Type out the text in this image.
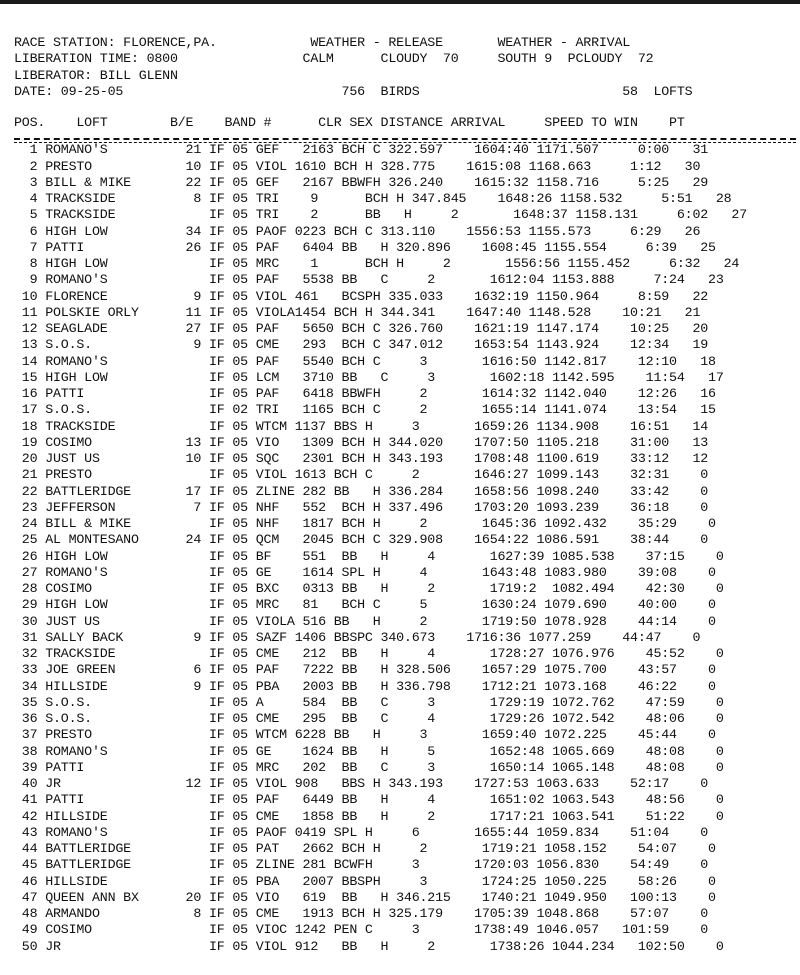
RACE STATION: FLORENCE,PA.            WEATHER - RELEASE       WEATHER - ARRIVAL
LIBERATION TIME: 0800                CALM      CLOUDY  70     SOUTH 9  PCLOUDY  72
LIBERATOR: BILL GLENN
DATE: 09-25-05                            756  BIRDS                          58  LOFTS
POS.    LOFT        B/E    BAND #      CLR SEX DISTANCE ARRIVAL     SPEED TO WIN    PT
1 ROMANO'S          21 IF 05 GEF   2163 BCH C 322.597    1604:40 1171.507     0:00   31
2 PRESTO            10 IF 05 VIOL 1610 BCH H 328.775    1615:08 1168.663     1:12   30
3 BILL & MIKE       22 IF 05 GEF   2167 BBWFH 326.240    1615:32 1158.716     5:25   29
4 TRACKSIDE          8 IF 05 TRI    9      BCH H 347.845    1648:26 1158.532     5:51   28
5 TRACKSIDE            IF 05 TRI    2      BB   H     2       1648:37 1158.131     6:02   27
6 HIGH LOW          34 IF 05 PAOF 0223 BCH C 313.110    1556:53 1155.573     6:29   26
7 PATTI             26 IF 05 PAF   6404 BB   H 320.896    1608:45 1155.554     6:39   25
8 HIGH LOW             IF 05 MRC    1      BCH H     2       1556:56 1155.452     6:32   24
9 ROMANO'S             IF 05 PAF   5538 BB   C     2       1612:04 1153.888     7:24   23
10 FLORENCE           9 IF 05 VIOL 461   BCSPH 335.033    1632:19 1150.964     8:59   22
11 POLSKIE ORLY      11 IF 05 VIOLA1454 BCH H 344.341    1647:40 1148.528    10:21   21
12 SEAGLADE          27 IF 05 PAF   5650 BCH C 326.760    1621:19 1147.174    10:25   20
13 S.O.S.             9 IF 05 CME   293  BCH C 347.012    1653:54 1143.924    12:34   19
14 ROMANO'S             IF 05 PAF   5540 BCH C     3       1616:50 1142.817    12:10   18
15 HIGH LOW             IF 05 LCM   3710 BB   C     3       1602:18 1142.595    11:54   17
16 PATTI                IF 05 PAF   6418 BBWFH     2       1614:32 1142.040    12:26   16
17 S.O.S.               IF 02 TRI   1165 BCH C     2       1655:14 1141.074    13:54   15
18 TRACKSIDE            IF 05 WTCM 1137 BBS H     3       1659:26 1134.908    16:51   14
19 COSIMO            13 IF 05 VIO   1309 BCH H 344.020    1707:50 1105.218    31:00   13
20 JUST US           10 IF 05 SQC   2301 BCH H 343.193    1708:48 1100.619    33:12   12
21 PRESTO               IF 05 VIOL 1613 BCH C     2       1646:27 1099.143    32:31    0
22 BATTLERIDGE       17 IF 05 ZLINE 282 BB   H 336.284    1658:56 1098.240    33:42    0
23 JEFFERSON          7 IF 05 NHF   552  BCH H 337.496    1703:20 1093.239    36:18    0
24 BILL & MIKE          IF 05 NHF   1817 BCH H     2       1645:36 1092.432    35:29    0
25 AL MONTESANO      24 IF 05 QCM   2045 BCH C 329.908    1654:22 1086.591    38:44    0
26 HIGH LOW             IF 05 BF    551  BB   H     4       1627:39 1085.538    37:15    0
27 ROMANO'S             IF 05 GE    1614 SPL H     4       1643:48 1083.980    39:08    0
28 COSIMO               IF 05 BXC   0313 BB   H     2       1719:2  1082.494    42:30    0
29 HIGH LOW             IF 05 MRC   81   BCH C     5       1630:24 1079.690    40:00    0
30 JUST US              IF 05 VIOLA 516 BB   H     2       1719:50 1078.928    44:14    0
31 SALLY BACK         9 IF 05 SAZF 1406 BBSPC 340.673    1716:36 1077.259    44:47    0
32 TRACKSIDE            IF 05 CME   212  BB   H     4       1728:27 1076.976    45:52    0
33 JOE GREEN          6 IF 05 PAF   7222 BB   H 328.506    1657:29 1075.700    43:57    0
34 HILLSIDE           9 IF 05 PBA   2003 BB   H 336.798    1712:21 1073.168    46:22    0
35 S.O.S.               IF 05 A     584  BB   C     3       1729:19 1072.762    47:59    0
36 S.O.S.               IF 05 CME   295  BB   C     4       1729:26 1072.542    48:06    0
37 PRESTO               IF 05 WTCM 6228 BB   H     3       1659:40 1072.225    45:44    0
38 ROMANO'S             IF 05 GE    1624 BB   H     5       1652:48 1065.669    48:08    0
39 PATTI                IF 05 MRC   202  BB   C     3       1650:14 1065.148    48:08    0
40 JR                12 IF 05 VIOL 908   BBS H 343.193    1727:53 1063.633    52:17    0
41 PATTI                IF 05 PAF   6449 BB   H     4       1651:02 1063.543    48:56    0
42 HILLSIDE             IF 05 CME   1858 BB   H     2       1717:21 1063.541    51:22    0
43 ROMANO'S             IF 05 PAOF 0419 SPL H     6       1655:44 1059.834    51:04    0
44 BATTLERIDGE          IF 05 PAT   2662 BCH H     2       1719:21 1058.152    54:07    0
45 BATTLERIDGE          IF 05 ZLINE 281 BCWFH     3       1720:03 1056.830    54:49    0
46 HILLSIDE             IF 05 PBA   2007 BBSPH     3       1724:25 1050.225    58:26    0
47 QUEEN ANN BX      20 IF 05 VIO   619  BB   H 346.215    1740:21 1049.950   100:13    0
48 ARMANDO            8 IF 05 CME   1913 BCH H 325.179    1705:39 1048.868    57:07    0
49 COSIMO               IF 05 VIOC 1242 PEN C     3       1738:49 1046.057   101:59    0
50 JR                   IF 05 VIOL 912   BB   H     2       1738:26 1044.234   102:50    0
